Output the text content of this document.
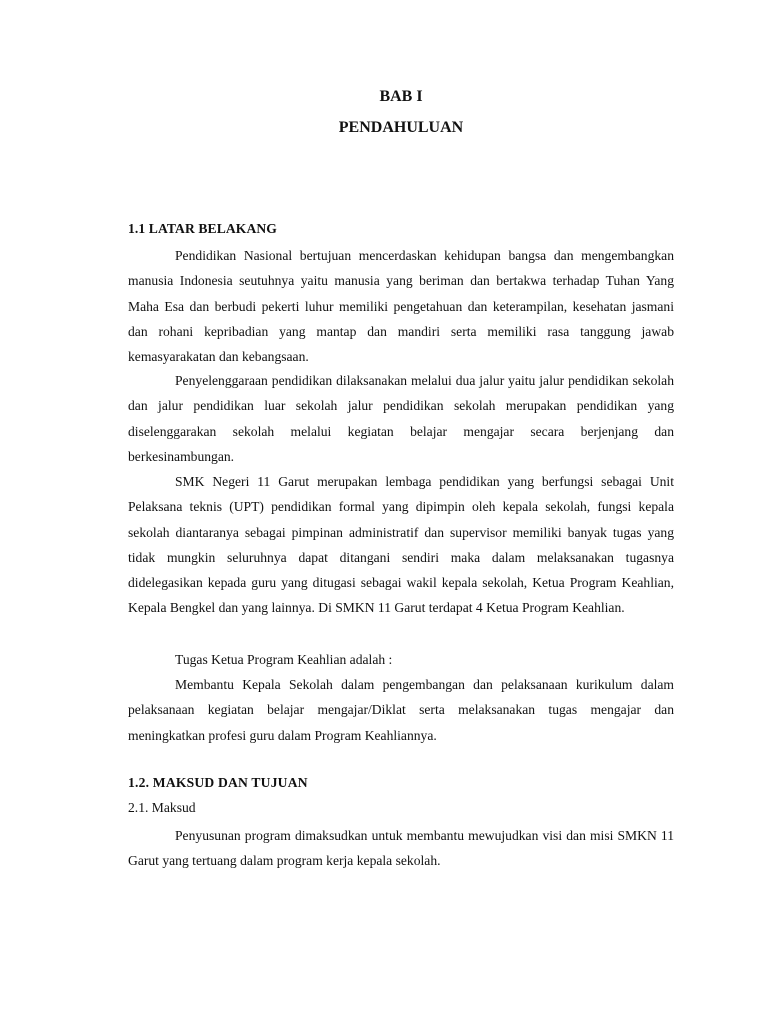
BAB I
PENDAHULUAN
1.1 LATAR BELAKANG

Pendidikan Nasional bertujuan mencerdaskan kehidupan bangsa dan mengembangkan manusia Indonesia seutuhnya yaitu manusia yang beriman dan bertakwa terhadap Tuhan Yang Maha Esa dan berbudi pekerti luhur memiliki pengetahuan dan keterampilan, kesehatan jasmani dan rohani kepribadian yang mantap dan mandiri serta memiliki rasa tanggung jawab kemasyarakatan dan kebangsaan.

Penyelenggaraan pendidikan dilaksanakan melalui dua jalur yaitu jalur pendidikan sekolah dan jalur pendidikan luar sekolah jalur pendidikan sekolah merupakan pendidikan yang diselenggarakan sekolah melalui kegiatan belajar mengajar secara berjenjang dan berkesinambungan.

SMK Negeri 11 Garut merupakan lembaga pendidikan yang berfungsi sebagai Unit Pelaksana teknis (UPT) pendidikan formal yang dipimpin oleh kepala sekolah, fungsi kepala sekolah diantaranya sebagai pimpinan administratif dan supervisor memiliki banyak tugas yang tidak mungkin seluruhnya dapat ditangani sendiri maka dalam melaksanakan tugasnya didelegasikan kepada guru yang ditugasi sebagai wakil kepala sekolah, Ketua Program Keahlian, Kepala Bengkel dan yang lainnya. Di SMKN 11 Garut terdapat 4 Ketua Program Keahlian.

Tugas Ketua Program Keahlian adalah :

Membantu Kepala Sekolah dalam pengembangan dan pelaksanaan kurikulum dalam pelaksanaan kegiatan belajar mengajar/Diklat serta melaksanakan tugas mengajar dan meningkatkan profesi guru dalam Program Keahliannya.

1.2. MAKSUD DAN TUJUAN

2.1. Maksud

Penyusunan program dimaksudkan untuk membantu mewujudkan visi dan misi SMKN 11 Garut yang tertuang dalam program kerja kepala sekolah.
